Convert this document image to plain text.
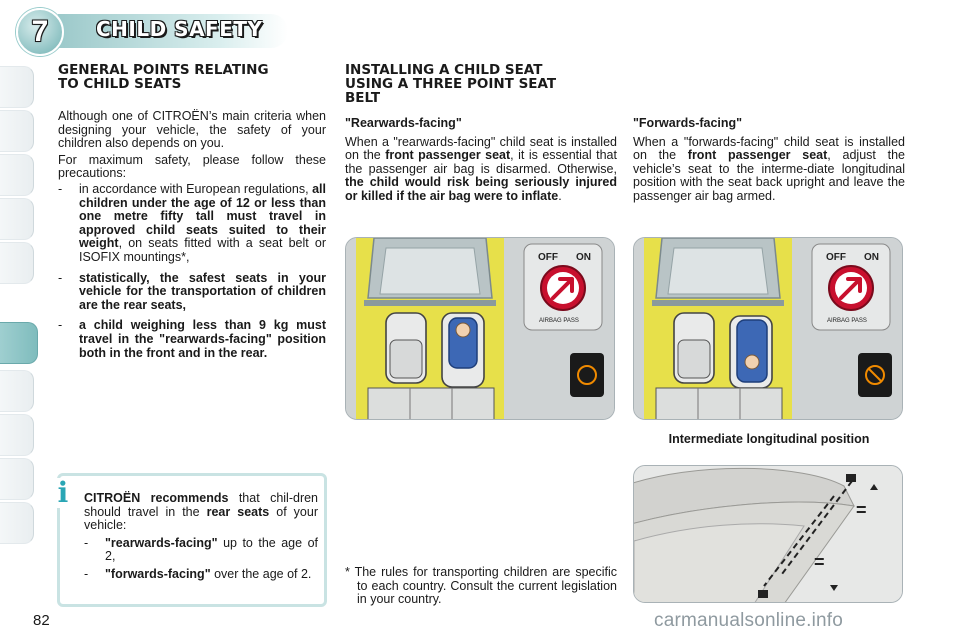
7 CHILD SAFETY
GENERAL POINTS RELATING
TO CHILD SEATS
Although one of CITROËN’s main criteria when designing your vehicle, the safety of your children also depends on you.
For maximum safety, please follow these precautions:
-	in accordance with European regulations, all children under the age of 12 or less than one metre fifty tall must travel in approved child seats suited to their weight, on seats fitted with a seat belt or ISOFIX mountings*,
-	statistically, the safest seats in your vehicle for the transportation of children are the rear seats,
-	a child weighing less than 9 kg must travel in the "rearwards-facing" position both in the front and in the rear.
CITROËN recommends that chil-dren should travel in the rear seats of your vehicle:
-	"rearwards-facing" up to the age of 2,
-	"forwards-facing" over the age of 2.
i
INSTALLING A CHILD SEAT
USING A THREE POINT SEAT
BELT
"Rearwards-facing"
When a "rearwards-facing" child seat is installed on the front passenger seat, it is essential that the passenger air bag is disarmed. Otherwise, the child would risk being seriously injured or killed if the air bag were to inflate.
"Forwards-facing"
When a "forwards-facing" child seat is installed on the front passenger seat, adjust the vehicle’s seat to the interme-diate longitudinal position with the seat back upright and leave the passenger air bag armed.
OFF ON
AIRBAG PASS
OFF ON
AIRBAG PASS
Intermediate longitudinal position
=
=
* The rules for transporting children are specific to each country. Consult the current legislation in your country.
82	carmanualsonline.info
